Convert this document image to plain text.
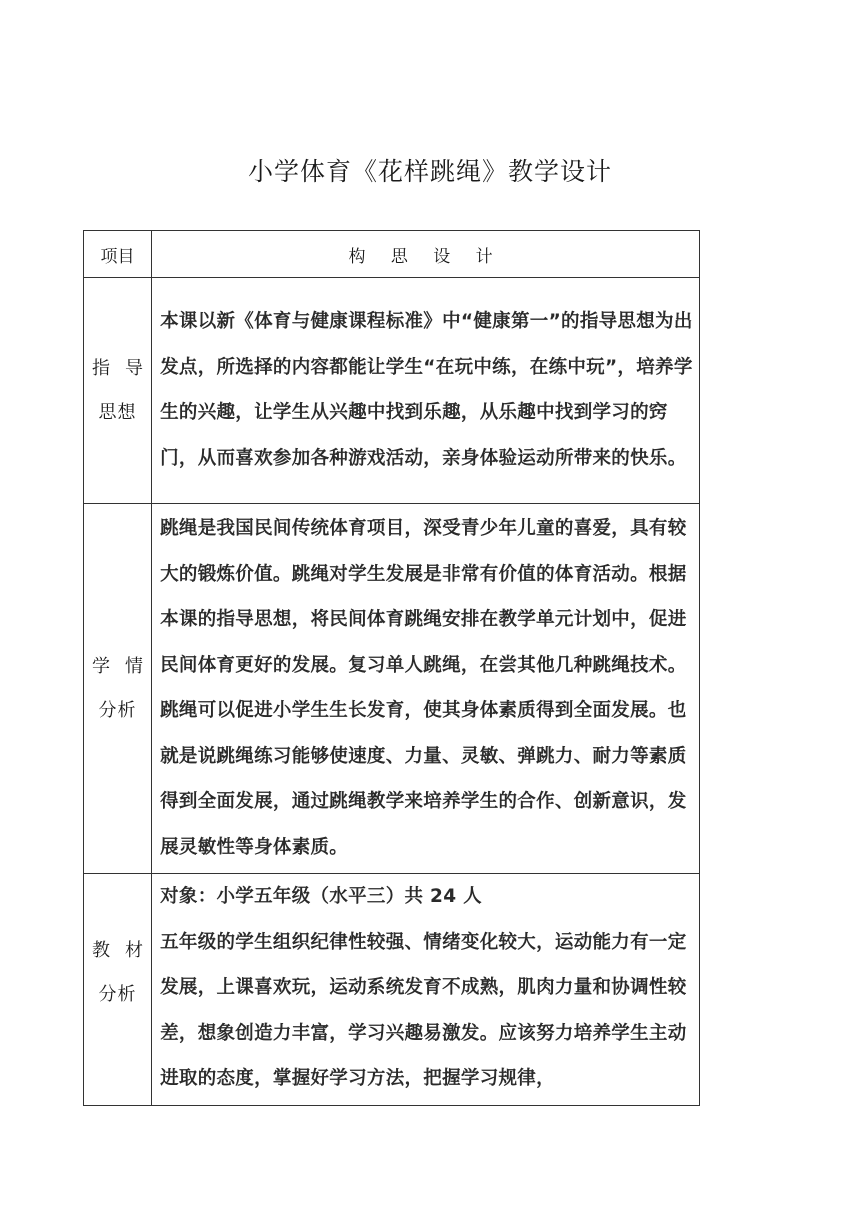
小学体育《花样跳绳》教学设计
项目	构 思 设 计

指导
思想	本课以新《体育与健康课程标准》中“健康第一”的指导思想为出发点，所选择的内容都能让学生“在玩中练，在练中玩”，培养学生的兴趣，让学生从兴趣中找到乐趣，从乐趣中找到学习的窍门，从而喜欢参加各种游戏活动，亲身体验运动所带来的快乐。

学情
分析	跳绳是我国民间传统体育项目，深受青少年儿童的喜爱，具有较大的锻炼价值。跳绳对学生发展是非常有价值的体育活动。根据本课的指导思想，将民间体育跳绳安排在教学单元计划中，促进民间体育更好的发展。复习单人跳绳，在尝其他几种跳绳技术。跳绳可以促进小学生生长发育，使其身体素质得到全面发展。也就是说跳绳练习能够使速度、力量、灵敏、弹跳力、耐力等素质得到全面发展，通过跳绳教学来培养学生的合作、创新意识，发展灵敏性等身体素质。

教材
分析	对象：小学五年级（水平三）共 24 人
五年级的学生组织纪律性较强、情绪变化较大，运动能力有一定发展，上课喜欢玩，运动系统发育不成熟，肌肉力量和协调性较差，想象创造力丰富，学习兴趣易激发。应该努力培养学生主动进取的态度，掌握好学习方法，把握学习规律，
